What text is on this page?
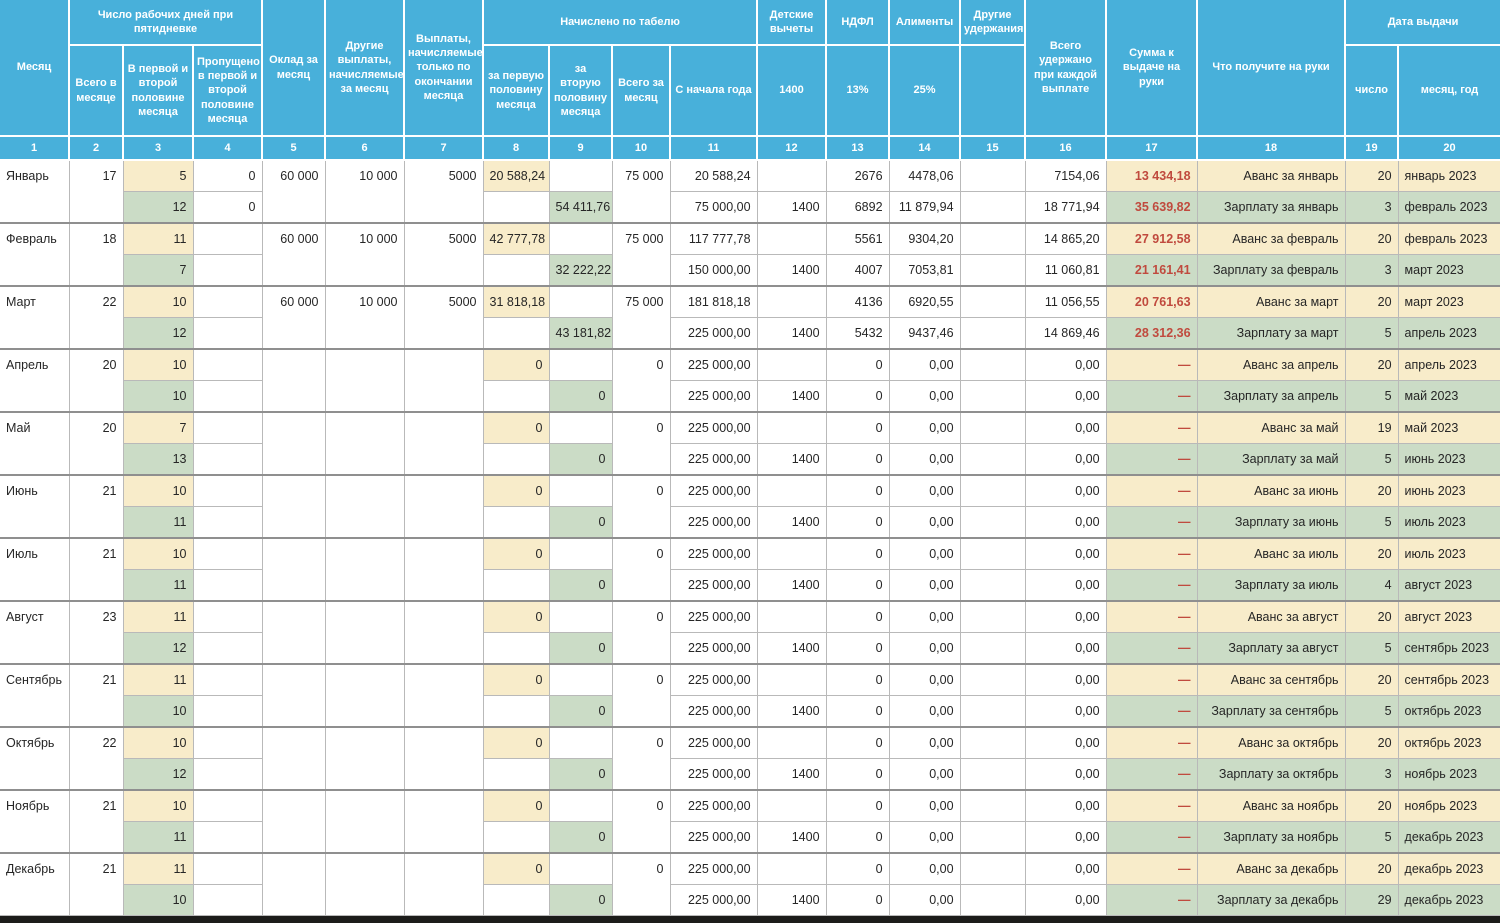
Месяц	Число рабочих дней при пятидневке			Оклад за месяц	Другие выплаты, начисляемые за месяц	Выплаты, начисляемые только по окончании месяца	Начислено по табелю				Детские вычеты	НДФЛ	Алименты	Другие удержания	Всего удержано при каждой выплате	Сумма к выдаче на руки	Что получите на руки	Дата выдачи	
	Всего в месяце	В первой и второй половине месяца	Пропущено в первой и второй половине месяца				за первую половину месяца	за вторую половину месяца	Всего за месяц	С начала года	1400	13%	25%					число	месяц, год
1	2	3	4	5	6	7	8	9	10	11	12	13	14	15	16	17	18	19	20
Январь	17	5	0	60 000	10 000	5000	20 588,24		75 000	20 588,24		2676	4478,06		7154,06	13 434,18	Аванс за январь	20	январь 2023
		12	0					54 411,76		75 000,00	1400	6892	11 879,94		18 771,94	35 639,82	Зарплату за январь	3	февраль 2023
Февраль	18	11		60 000	10 000	5000	42 777,78		75 000	117 777,78		5561	9304,20		14 865,20	27 912,58	Аванс за февраль	20	февраль 2023
		7						32 222,22		150 000,00	1400	4007	7053,81		11 060,81	21 161,41	Зарплату за февраль	3	март 2023
Март	22	10		60 000	10 000	5000	31 818,18		75 000	181 818,18		4136	6920,55		11 056,55	20 761,63	Аванс за март	20	март 2023
		12						43 181,82		225 000,00	1400	5432	9437,46		14 869,46	28 312,36	Зарплату за март	5	апрель 2023
Апрель	20	10					0		0	225 000,00		0	0,00		0,00	—	Аванс за апрель	20	апрель 2023
		10						0		225 000,00	1400	0	0,00		0,00	—	Зарплату за апрель	5	май 2023
Май	20	7					0		0	225 000,00		0	0,00		0,00	—	Аванс за май	19	май 2023
		13						0		225 000,00	1400	0	0,00		0,00	—	Зарплату за май	5	июнь 2023
Июнь	21	10					0		0	225 000,00		0	0,00		0,00	—	Аванс за июнь	20	июнь 2023
		11						0		225 000,00	1400	0	0,00		0,00	—	Зарплату за июнь	5	июль 2023
Июль	21	10					0		0	225 000,00		0	0,00		0,00	—	Аванс за июль	20	июль 2023
		11						0		225 000,00	1400	0	0,00		0,00	—	Зарплату за июль	4	август 2023
Август	23	11					0		0	225 000,00		0	0,00		0,00	—	Аванс за август	20	август 2023
		12						0		225 000,00	1400	0	0,00		0,00	—	Зарплату за август	5	сентябрь 2023
Сентябрь	21	11					0		0	225 000,00		0	0,00		0,00	—	Аванс за сентябрь	20	сентябрь 2023
		10						0		225 000,00	1400	0	0,00		0,00	—	Зарплату за сентябрь	5	октябрь 2023
Октябрь	22	10					0		0	225 000,00		0	0,00		0,00	—	Аванс за октябрь	20	октябрь 2023
		12						0		225 000,00	1400	0	0,00		0,00	—	Зарплату за октябрь	3	ноябрь 2023
Ноябрь	21	10					0		0	225 000,00		0	0,00		0,00	—	Аванс за ноябрь	20	ноябрь 2023
		11						0		225 000,00	1400	0	0,00		0,00	—	Зарплату за ноябрь	5	декабрь 2023
Декабрь	21	11					0		0	225 000,00		0	0,00		0,00	—	Аванс за декабрь	20	декабрь 2023
		10						0		225 000,00	1400	0	0,00		0,00	—	Зарплату за декабрь	29	декабрь 2023
